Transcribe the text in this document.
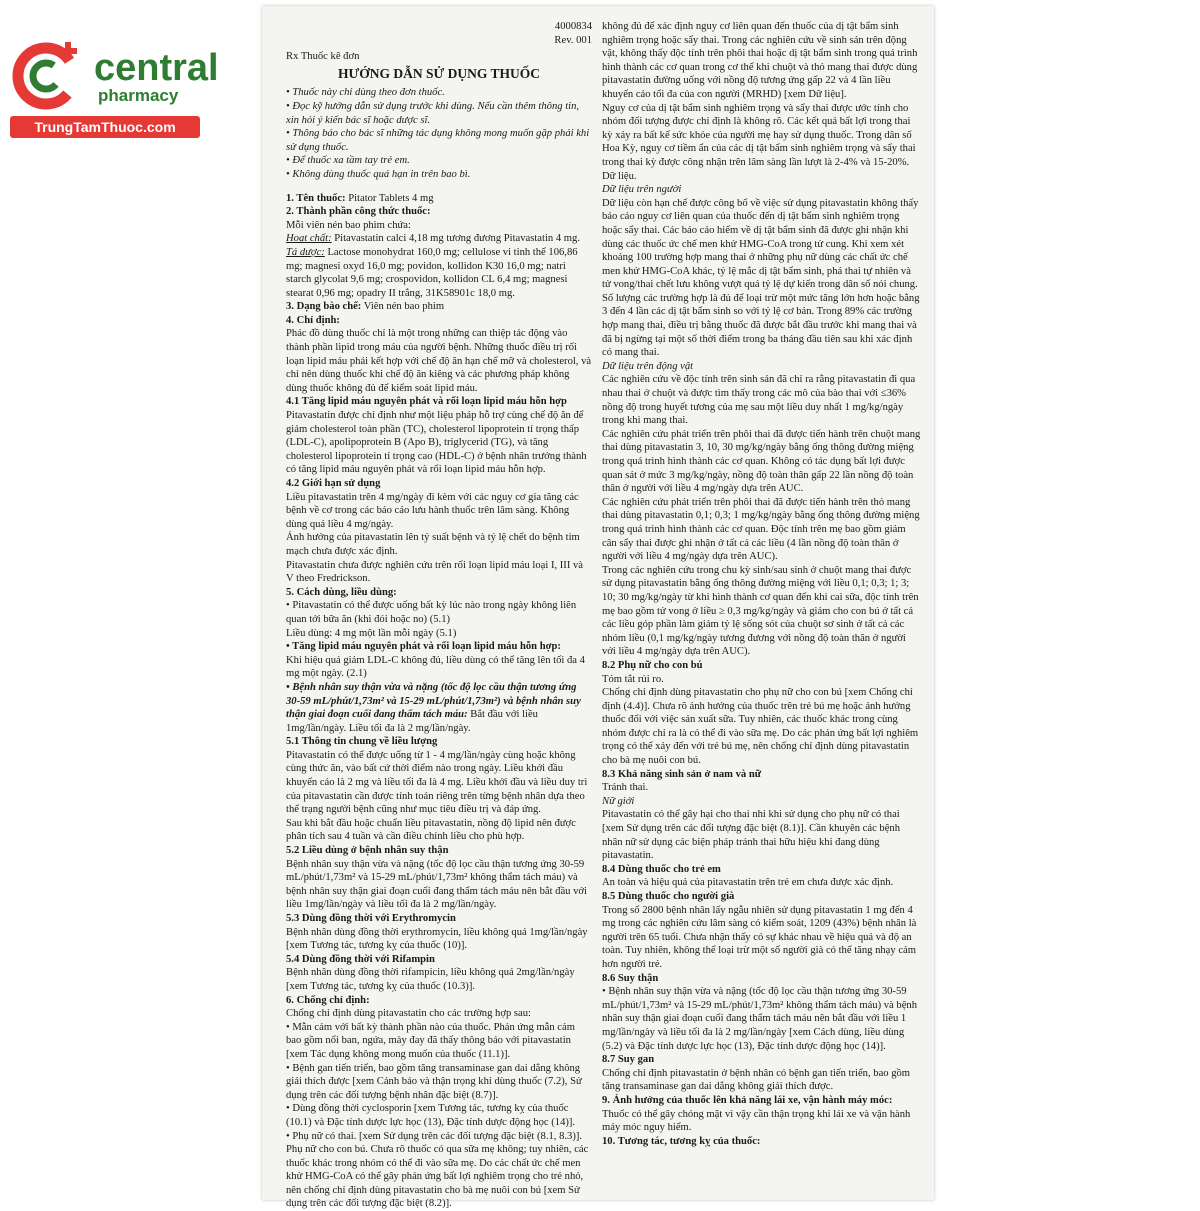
central
pharmacy
TrungTamThuoc.com
4000834
Rev. 001
Rx Thuốc kê đơn
HƯỚNG DẪN SỬ DỤNG THUỐC

• Thuốc này chỉ dùng theo đơn thuốc.

• Đọc kỹ hướng dẫn sử dụng trước khi dùng. Nếu cần thêm thông tin, xin hỏi ý kiến bác sĩ hoặc dược sĩ.

• Thông báo cho bác sĩ những tác dụng không mong muốn gặp phải khi sử dụng thuốc.

• Để thuốc xa tầm tay trẻ em.

• Không dùng thuốc quá hạn in trên bao bì.

1. Tên thuốc: Pitator Tablets 4 mg

2. Thành phần công thức thuốc:

Mỗi viên nén bao phim chứa:

Hoạt chất: Pitavastatin calci 4,18 mg tương đương Pitavastatin 4 mg.

Tá dược: Lactose monohydrat 160,0 mg; cellulose vi tinh thể 106,86 mg; magnesi oxyd 16,0 mg; povidon, kollidon K30 16,0 mg; natri starch glycolat 9,6 mg; crospovidon, kollidon CL 6,4 mg; magnesi stearat 0,96 mg; opadry II trắng, 31K58901c 18,0 mg.

3. Dạng bào chế: Viên nén bao phim

4. Chỉ định:

Phác đồ dùng thuốc chỉ là một trong những can thiệp tác động vào thành phần lipid trong máu của người bệnh. Những thuốc điều trị rối loạn lipid máu phải kết hợp với chế độ ăn hạn chế mỡ và cholesterol, và chỉ nên dùng thuốc khi chế độ ăn kiêng và các phương pháp không dùng thuốc không đủ để kiểm soát lipid máu.

4.1 Tăng lipid máu nguyên phát và rối loạn lipid máu hỗn hợp

Pitavastatin được chỉ định như một liệu pháp hỗ trợ cùng chế độ ăn để giảm cholesterol toàn phần (TC), cholesterol lipoprotein tỉ trọng thấp (LDL-C), apolipoprotein B (Apo B), triglycerid (TG), và tăng cholesterol lipoprotein tỉ trọng cao (HDL-C) ở bệnh nhân trưởng thành có tăng lipid máu nguyên phát và rối loạn lipid máu hỗn hợp.

4.2 Giới hạn sử dụng

Liều pitavastatin trên 4 mg/ngày đi kèm với các nguy cơ gia tăng các bệnh về cơ trong các báo cáo lưu hành thuốc trên lâm sàng. Không dùng quá liều 4 mg/ngày.

Ảnh hưởng của pitavastatin lên tỷ suất bệnh và tỷ lệ chết do bệnh tim mạch chưa được xác định.

Pitavastatin chưa được nghiên cứu trên rối loạn lipid máu loại I, III và V theo Fredrickson.

5. Cách dùng, liều dùng:

• Pitavastatin có thể được uống bất kỳ lúc nào trong ngày không liên quan tới bữa ăn (khi đói hoặc no) (5.1)

Liều dùng: 4 mg một lần mỗi ngày (5.1)

• Tăng lipid máu nguyên phát và rối loạn lipid máu hỗn hợp:

Khi hiệu quả giảm LDL-C không đủ, liều dùng có thể tăng lên tối đa 4 mg một ngày. (2.1)

• Bệnh nhân suy thận vừa và nặng (tốc độ lọc cầu thận tương ứng 30-59 mL/phút/1,73m² và 15-29 mL/phút/1,73m²) và bệnh nhân suy thận giai đoạn cuối đang thẩm tách máu: Bắt đầu với liều 1mg/lần/ngày. Liều tối đa là 2 mg/lần/ngày.

5.1 Thông tin chung về liều lượng

Pitavastatin có thể được uống từ 1 - 4 mg/lần/ngày cùng hoặc không cùng thức ăn, vào bất cứ thời điểm nào trong ngày. Liều khởi đầu khuyến cáo là 2 mg và liều tối đa là 4 mg. Liều khởi đầu và liều duy trì của pitavastatin cần được tính toán riêng trên từng bệnh nhân dựa theo thể trạng người bệnh cũng như mục tiêu điều trị và đáp ứng.

Sau khi bắt đầu hoặc chuẩn liều pitavastatin, nồng độ lipid nên được phân tích sau 4 tuần và cần điều chỉnh liều cho phù hợp.

5.2 Liều dùng ở bệnh nhân suy thận

Bệnh nhân suy thận vừa và nặng (tốc độ lọc cầu thận tương ứng 30-59 mL/phút/1,73m² và 15-29 mL/phút/1,73m² không thẩm tách máu) và bệnh nhân suy thận giai đoạn cuối đang thẩm tách máu nên bắt đầu với liều 1mg/lần/ngày và liều tối đa là 2 mg/lần/ngày.

5.3 Dùng đồng thời với Erythromycin

Bệnh nhân dùng đồng thời erythromycin, liều không quá 1mg/lần/ngày [xem Tương tác, tương kỵ của thuốc (10)].

5.4 Dùng đồng thời với Rifampin

Bệnh nhân dùng đồng thời rifampicin, liều không quá 2mg/lần/ngày [xem Tương tác, tương kỵ của thuốc (10.3)].

6. Chống chỉ định:

Chống chỉ định dùng pitavastatin cho các trường hợp sau:

• Mẫn cảm với bất kỳ thành phần nào của thuốc. Phản ứng mẫn cảm bao gồm nổi ban, ngứa, mày đay đã thấy thông báo với pitavastatin [xem Tác dụng không mong muốn của thuốc (11.1)].

• Bệnh gan tiến triển, bao gồm tăng transaminase gan dai dẳng không giải thích được [xem Cảnh báo và thận trọng khi dùng thuốc (7.2), Sử dụng trên các đối tượng bệnh nhân đặc biệt (8.7)].

• Dùng đồng thời cyclosporin [xem Tương tác, tương kỵ của thuốc (10.1) và Đặc tính dược lực học (13), Đặc tính dược động học (14)].

• Phụ nữ có thai. [xem Sử dụng trên các đối tượng đặc biệt (8.1, 8.3)]. Phụ nữ cho con bú. Chưa rõ thuốc có qua sữa mẹ không; tuy nhiên, các thuốc khác trong nhóm có thể đi vào sữa mẹ. Do các chất ức chế men khử HMG-CoA có thể gây phản ứng bất lợi nghiêm trọng cho trẻ nhỏ, nên chống chỉ định dùng pitavastatin cho bà mẹ nuôi con bú [xem Sử dụng trên các đối tượng đặc biệt (8.2)].

không đủ để xác định nguy cơ liên quan đến thuốc của dị tật bẩm sinh nghiêm trọng hoặc sẩy thai. Trong các nghiên cứu về sinh sản trên động vật, không thấy độc tính trên phôi thai hoặc dị tật bẩm sinh trong quá trình hình thành các cơ quan trong cơ thể khi chuột và thỏ mang thai được dùng pitavastatin đường uống với nồng độ tương ứng gấp 22 và 4 lần liều khuyến cáo tối đa của con người (MRHD) [xem Dữ liệu].

Nguy cơ của dị tật bẩm sinh nghiêm trọng và sẩy thai được ước tính cho nhóm đối tượng được chỉ định là không rõ. Các kết quả bất lợi trong thai kỳ xảy ra bất kể sức khỏe của người mẹ hay sử dụng thuốc. Trong dân số Hoa Kỳ, nguy cơ tiềm ẩn của các dị tật bẩm sinh nghiêm trọng và sẩy thai trong thai kỳ được công nhận trên lâm sàng lần lượt là 2-4% và 15-20%.

Dữ liệu.

Dữ liệu trên người

Dữ liệu còn hạn chế được công bố về việc sử dụng pitavastatin không thấy báo cáo nguy cơ liên quan của thuốc đến dị tật bẩm sinh nghiêm trọng hoặc sẩy thai. Các báo cáo hiếm về dị tật bẩm sinh đã được ghi nhận khi dùng các thuốc ức chế men khử HMG-CoA trong tử cung. Khi xem xét khoảng 100 trường hợp mang thai ở những phụ nữ dùng các chất ức chế men khử HMG-CoA khác, tỷ lệ mắc dị tật bẩm sinh, phá thai tự nhiên và tử vong/thai chết lưu không vượt quá tỷ lệ dự kiến trong dân số nói chung. Số lượng các trường hợp là đủ để loại trừ một mức tăng lớn hơn hoặc bằng 3 đến 4 lần các dị tật bẩm sinh so với tỷ lệ cơ bản. Trong 89% các trường hợp mang thai, điều trị bằng thuốc đã được bắt đầu trước khi mang thai và đã bị ngừng tại một số thời điểm trong ba tháng đầu tiên sau khi xác định có mang thai.

Dữ liệu trên động vật

Các nghiên cứu về độc tính trên sinh sản đã chỉ ra rằng pitavastatin đi qua nhau thai ở chuột và được tìm thấy trong các mô của bào thai với ≤36% nồng độ trong huyết tương của mẹ sau một liều duy nhất 1 mg/kg/ngày trong khi mang thai.

Các nghiên cứu phát triển trên phôi thai đã được tiến hành trên chuột mang thai dùng pitavastatin 3, 10, 30 mg/kg/ngày bằng ống thông đường miệng trong quá trình hình thành các cơ quan. Không có tác dụng bất lợi được quan sát ở mức 3 mg/kg/ngày, nồng độ toàn thân gấp 22 lần nồng độ toàn thân ở người với liều 4 mg/ngày dựa trên AUC.

Các nghiên cứu phát triển trên phôi thai đã được tiến hành trên thỏ mang thai dùng pitavastatin 0,1; 0,3; 1 mg/kg/ngày bằng ống thông đường miệng trong quá trình hình thành các cơ quan. Độc tính trên mẹ bao gồm giảm cân sẩy thai được ghi nhận ở tất cả các liều (4 lần nồng độ toàn thân ở người với liều 4 mg/ngày dựa trên AUC).

Trong các nghiên cứu trong chu kỳ sinh/sau sinh ở chuột mang thai được sử dụng pitavastatin bằng ống thông đường miệng với liều 0,1; 0,3; 1; 3; 10; 30 mg/kg/ngày từ khi hình thành cơ quan đến khi cai sữa, độc tính trên mẹ bao gồm tử vong ở liều ≥ 0,3 mg/kg/ngày và giảm cho con bú ở tất cả các liều góp phần làm giảm tỷ lệ sống sót của chuột sơ sinh ở tất cả các nhóm liều (0,1 mg/kg/ngày tương đương với nồng độ toàn thân ở người với liều 4 mg/ngày dựa trên AUC).

8.2 Phụ nữ cho con bú

Tóm tắt rủi ro.

Chống chỉ định dùng pitavastatin cho phụ nữ cho con bú [xem Chống chỉ định (4.4)]. Chưa rõ ảnh hưởng của thuốc trên trẻ bú mẹ hoặc ảnh hưởng thuốc đối với việc sản xuất sữa. Tuy nhiên, các thuốc khác trong cùng nhóm được chỉ ra là có thể đi vào sữa mẹ. Do các phản ứng bất lợi nghiêm trọng có thể xảy đến với trẻ bú mẹ, nên chống chỉ định dùng pitavastatin cho bà mẹ nuôi con bú.

8.3 Khả năng sinh sản ở nam và nữ

Tránh thai.

Nữ giới

Pitavastatin có thể gây hại cho thai nhi khi sử dụng cho phụ nữ có thai [xem Sử dụng trên các đối tượng đặc biệt (8.1)]. Cần khuyên các bệnh nhân nữ sử dụng các biện pháp tránh thai hữu hiệu khi đang dùng pitavastatin.

8.4 Dùng thuốc cho trẻ em

An toàn và hiệu quả của pitavastatin trên trẻ em chưa được xác định.

8.5 Dùng thuốc cho người già

Trong số 2800 bệnh nhân lấy ngẫu nhiên sử dụng pitavastatin 1 mg đến 4 mg trong các nghiên cứu lâm sàng có kiểm soát, 1209 (43%) bệnh nhân là người trên 65 tuổi. Chưa nhận thấy có sự khác nhau về hiệu quả và độ an toàn. Tuy nhiên, không thể loại trừ một số người già có thể tăng nhạy cảm hơn người trẻ.

8.6 Suy thận

• Bệnh nhân suy thận vừa và nặng (tốc độ lọc cầu thận tương ứng 30-59 mL/phút/1,73m² và 15-29 mL/phút/1,73m² không thẩm tách máu) và bệnh nhân suy thận giai đoạn cuối đang thẩm tách máu nên bắt đầu với liều 1 mg/lần/ngày và liều tối đa là 2 mg/lần/ngày [xem Cách dùng, liều dùng (5.2) và Đặc tính dược lực học (13), Đặc tính dược động học (14)].

8.7 Suy gan

Chống chỉ định pitavastatin ở bệnh nhân có bệnh gan tiến triển, bao gồm tăng transaminase gan dai dẳng không giải thích được.

9. Ảnh hưởng của thuốc lên khả năng lái xe, vận hành máy móc:

Thuốc có thể gây chóng mặt vì vậy cần thận trọng khi lái xe và vận hành máy móc nguy hiểm.

10. Tương tác, tương kỵ của thuốc:
